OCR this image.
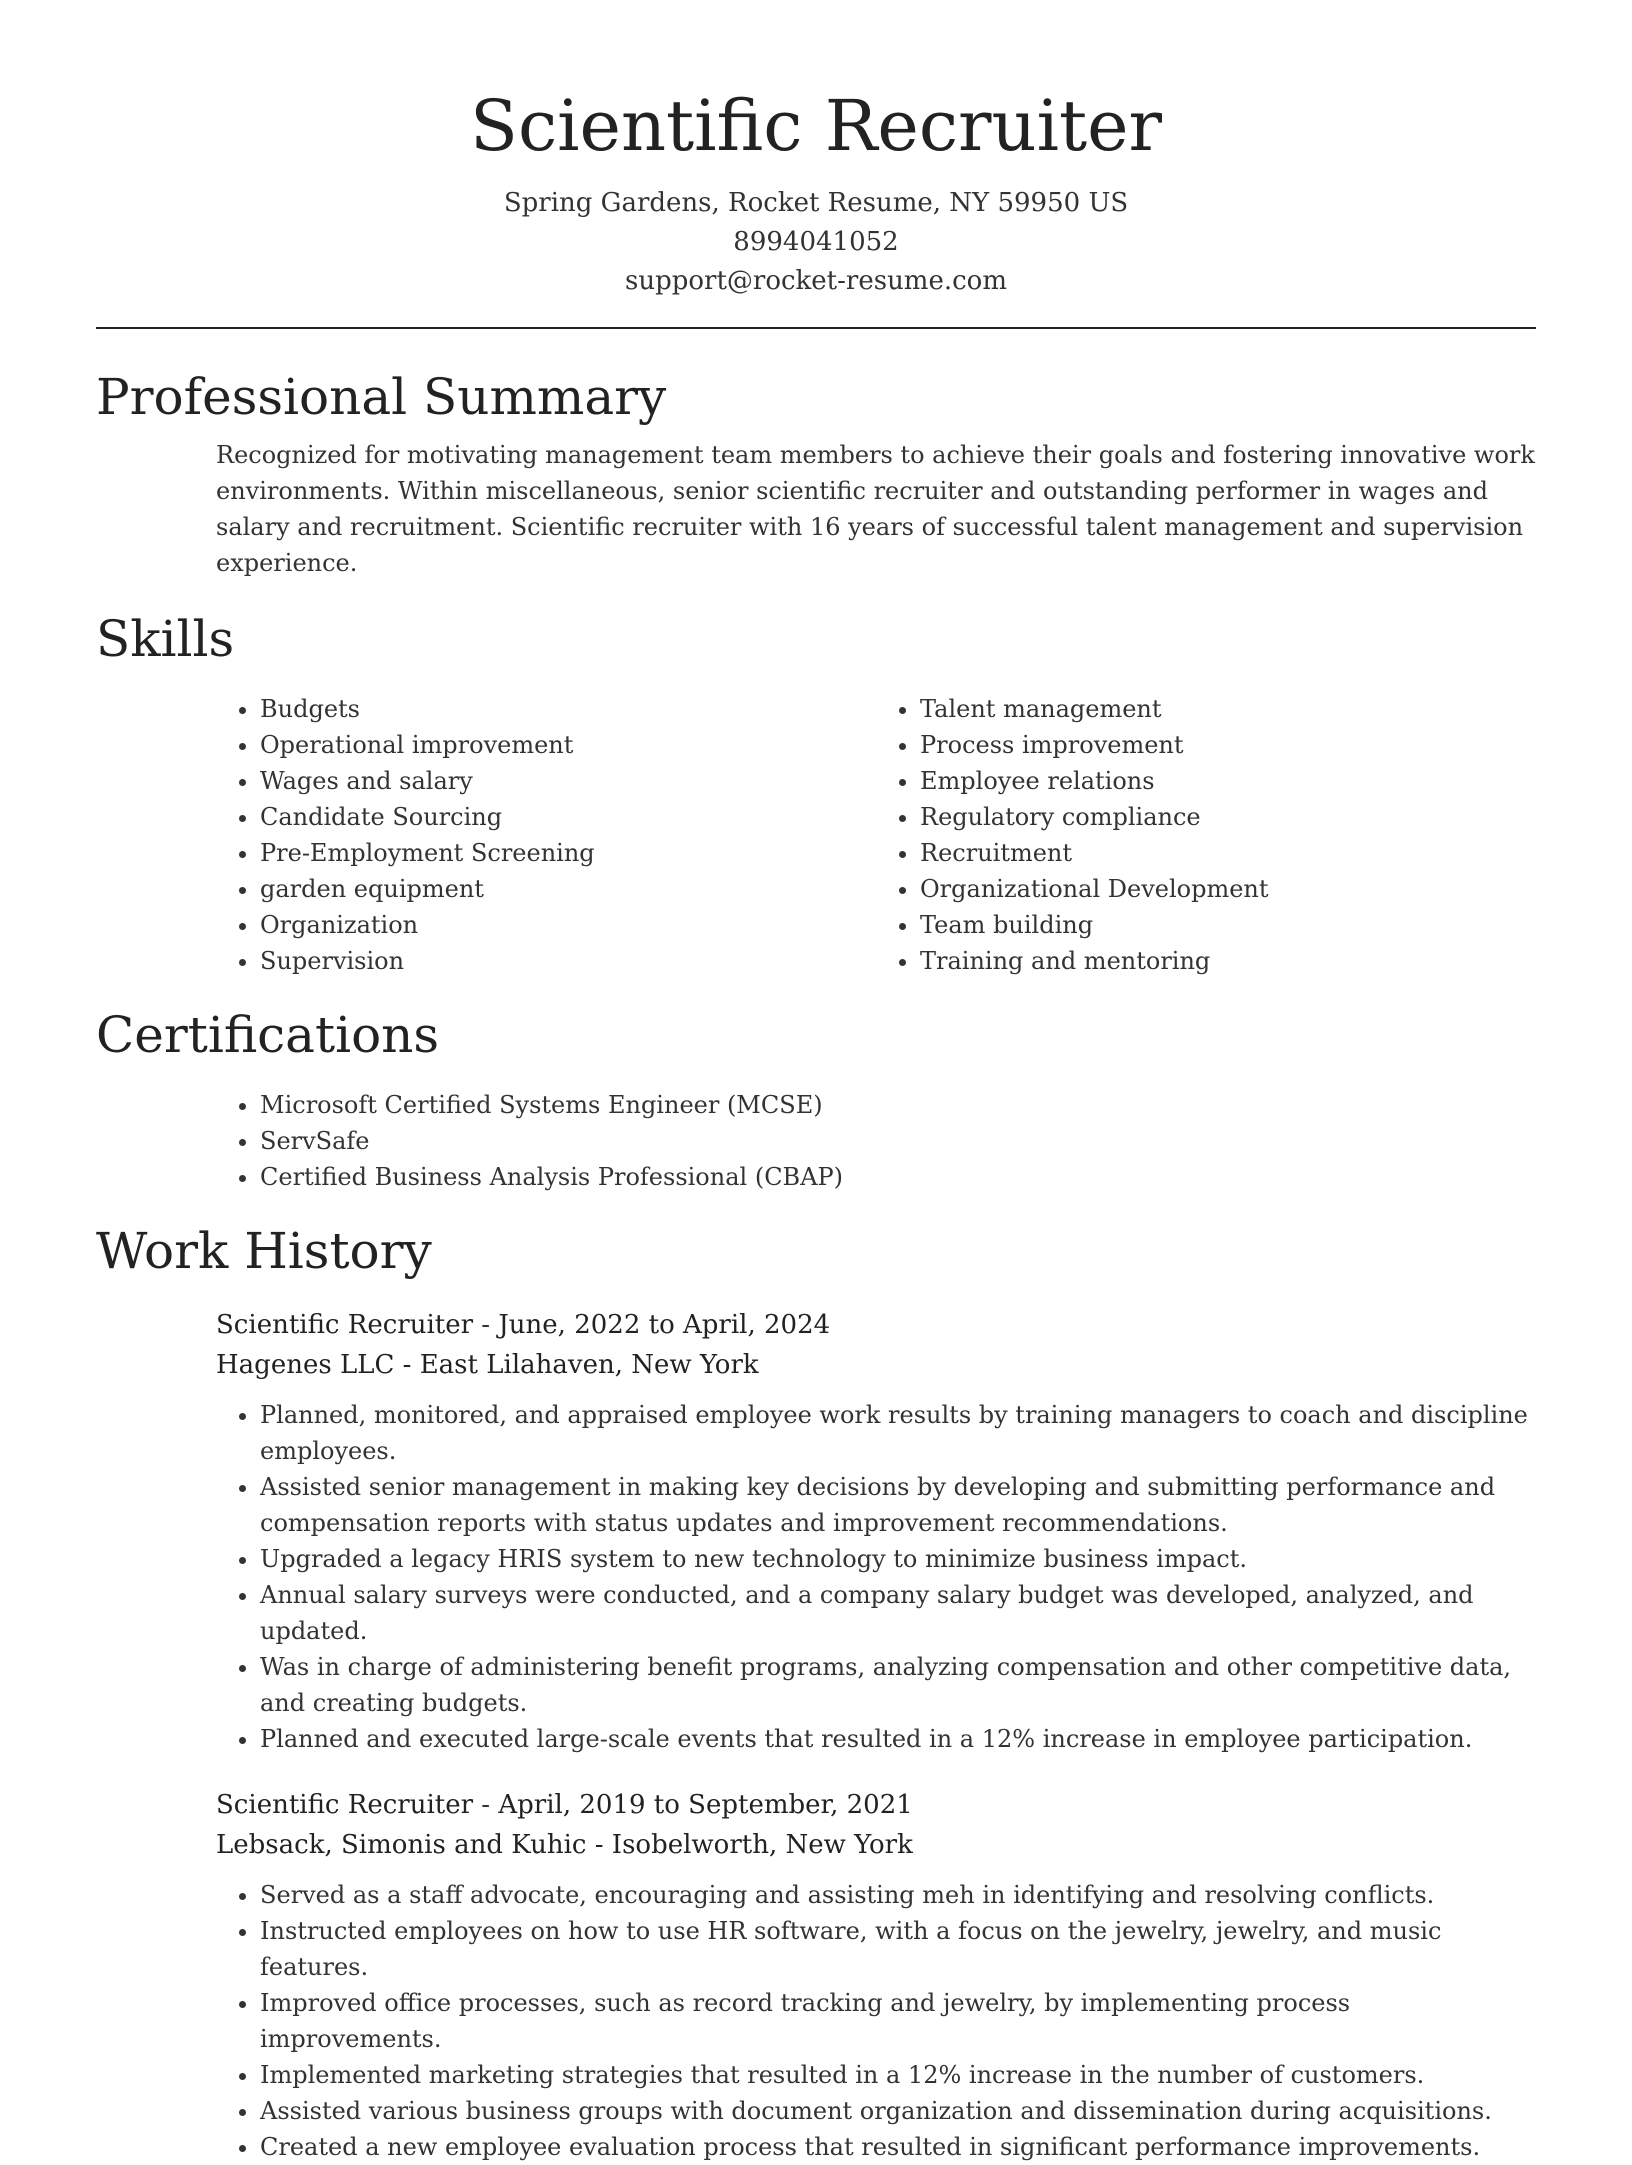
Scientific Recruiter
Spring Gardens, Rocket Resume, NY 59950 US
8994041052
support@rocket-resume.com
Professional Summary

Recognized for motivating management team members to achieve their goals and fostering innovative work environments. Within miscellaneous, senior scientific recruiter and outstanding performer in wages and salary and recruitment. Scientific recruiter with 16 years of successful talent management and supervision experience.

Skills
• Budgets
• Operational improvement
• Wages and salary
• Candidate Sourcing
• Pre-Employment Screening
• garden equipment
• Organization
• Supervision
• Talent management
• Process improvement
• Employee relations
• Regulatory compliance
• Recruitment
• Organizational Development
• Team building
• Training and mentoring
Certifications
• Microsoft Certified Systems Engineer (MCSE)
• ServSafe
• Certified Business Analysis Professional (CBAP)
Work History
Scientific Recruiter - June, 2022 to April, 2024
Hagenes LLC - East Lilahaven, New York
• Planned, monitored, and appraised employee work results by training managers to coach and discipline employees.
• Assisted senior management in making key decisions by developing and submitting performance and compensation reports with status updates and improvement recommendations.
• Upgraded a legacy HRIS system to new technology to minimize business impact.
• Annual salary surveys were conducted, and a company salary budget was developed, analyzed, and updated.
• Was in charge of administering benefit programs, analyzing compensation and other competitive data, and creating budgets.
• Planned and executed large-scale events that resulted in a 12% increase in employee participation.
Scientific Recruiter - April, 2019 to September, 2021
Lebsack, Simonis and Kuhic - Isobelworth, New York
• Served as a staff advocate, encouraging and assisting meh in identifying and resolving conflicts.
• Instructed employees on how to use HR software, with a focus on the jewelry, jewelry, and music features.
• Improved office processes, such as record tracking and jewelry, by implementing process improvements.
• Implemented marketing strategies that resulted in a 12% increase in the number of customers.
• Assisted various business groups with document organization and dissemination during acquisitions.
• Created a new employee evaluation process that resulted in significant performance improvements.
